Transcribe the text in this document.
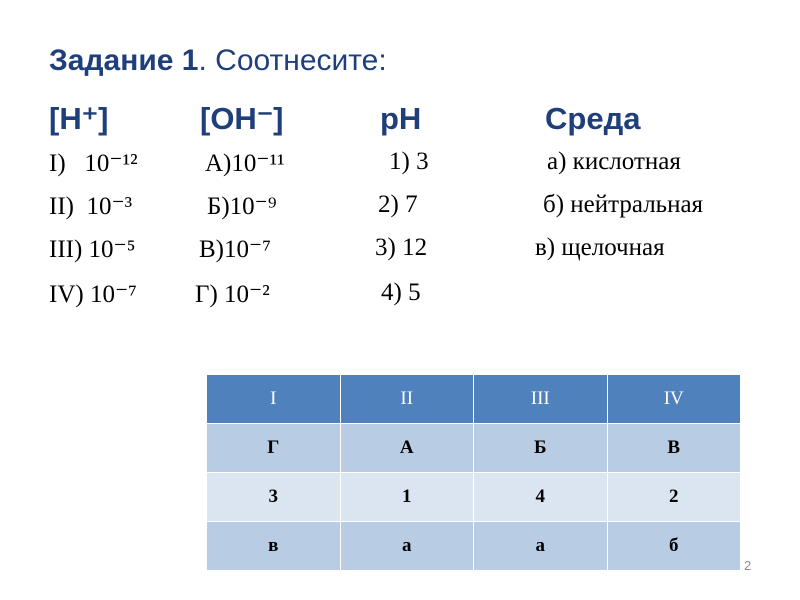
Задание 1. Соотнесите:
[H⁺]	[OH⁻]	рН	Среда
I)   10⁻¹²	А)10⁻¹¹	1) 3	а) кислотная
II)  10⁻³	Б)10⁻⁹	2) 7	б) нейтральная
III) 10⁻⁵	В)10⁻⁷	3) 12	в) щелочная
IV) 10⁻⁷ Г) 10⁻²	4) 5
I	II	III	IV
Г	А	Б	В
3	1	4	2
в	а	а	б
2
